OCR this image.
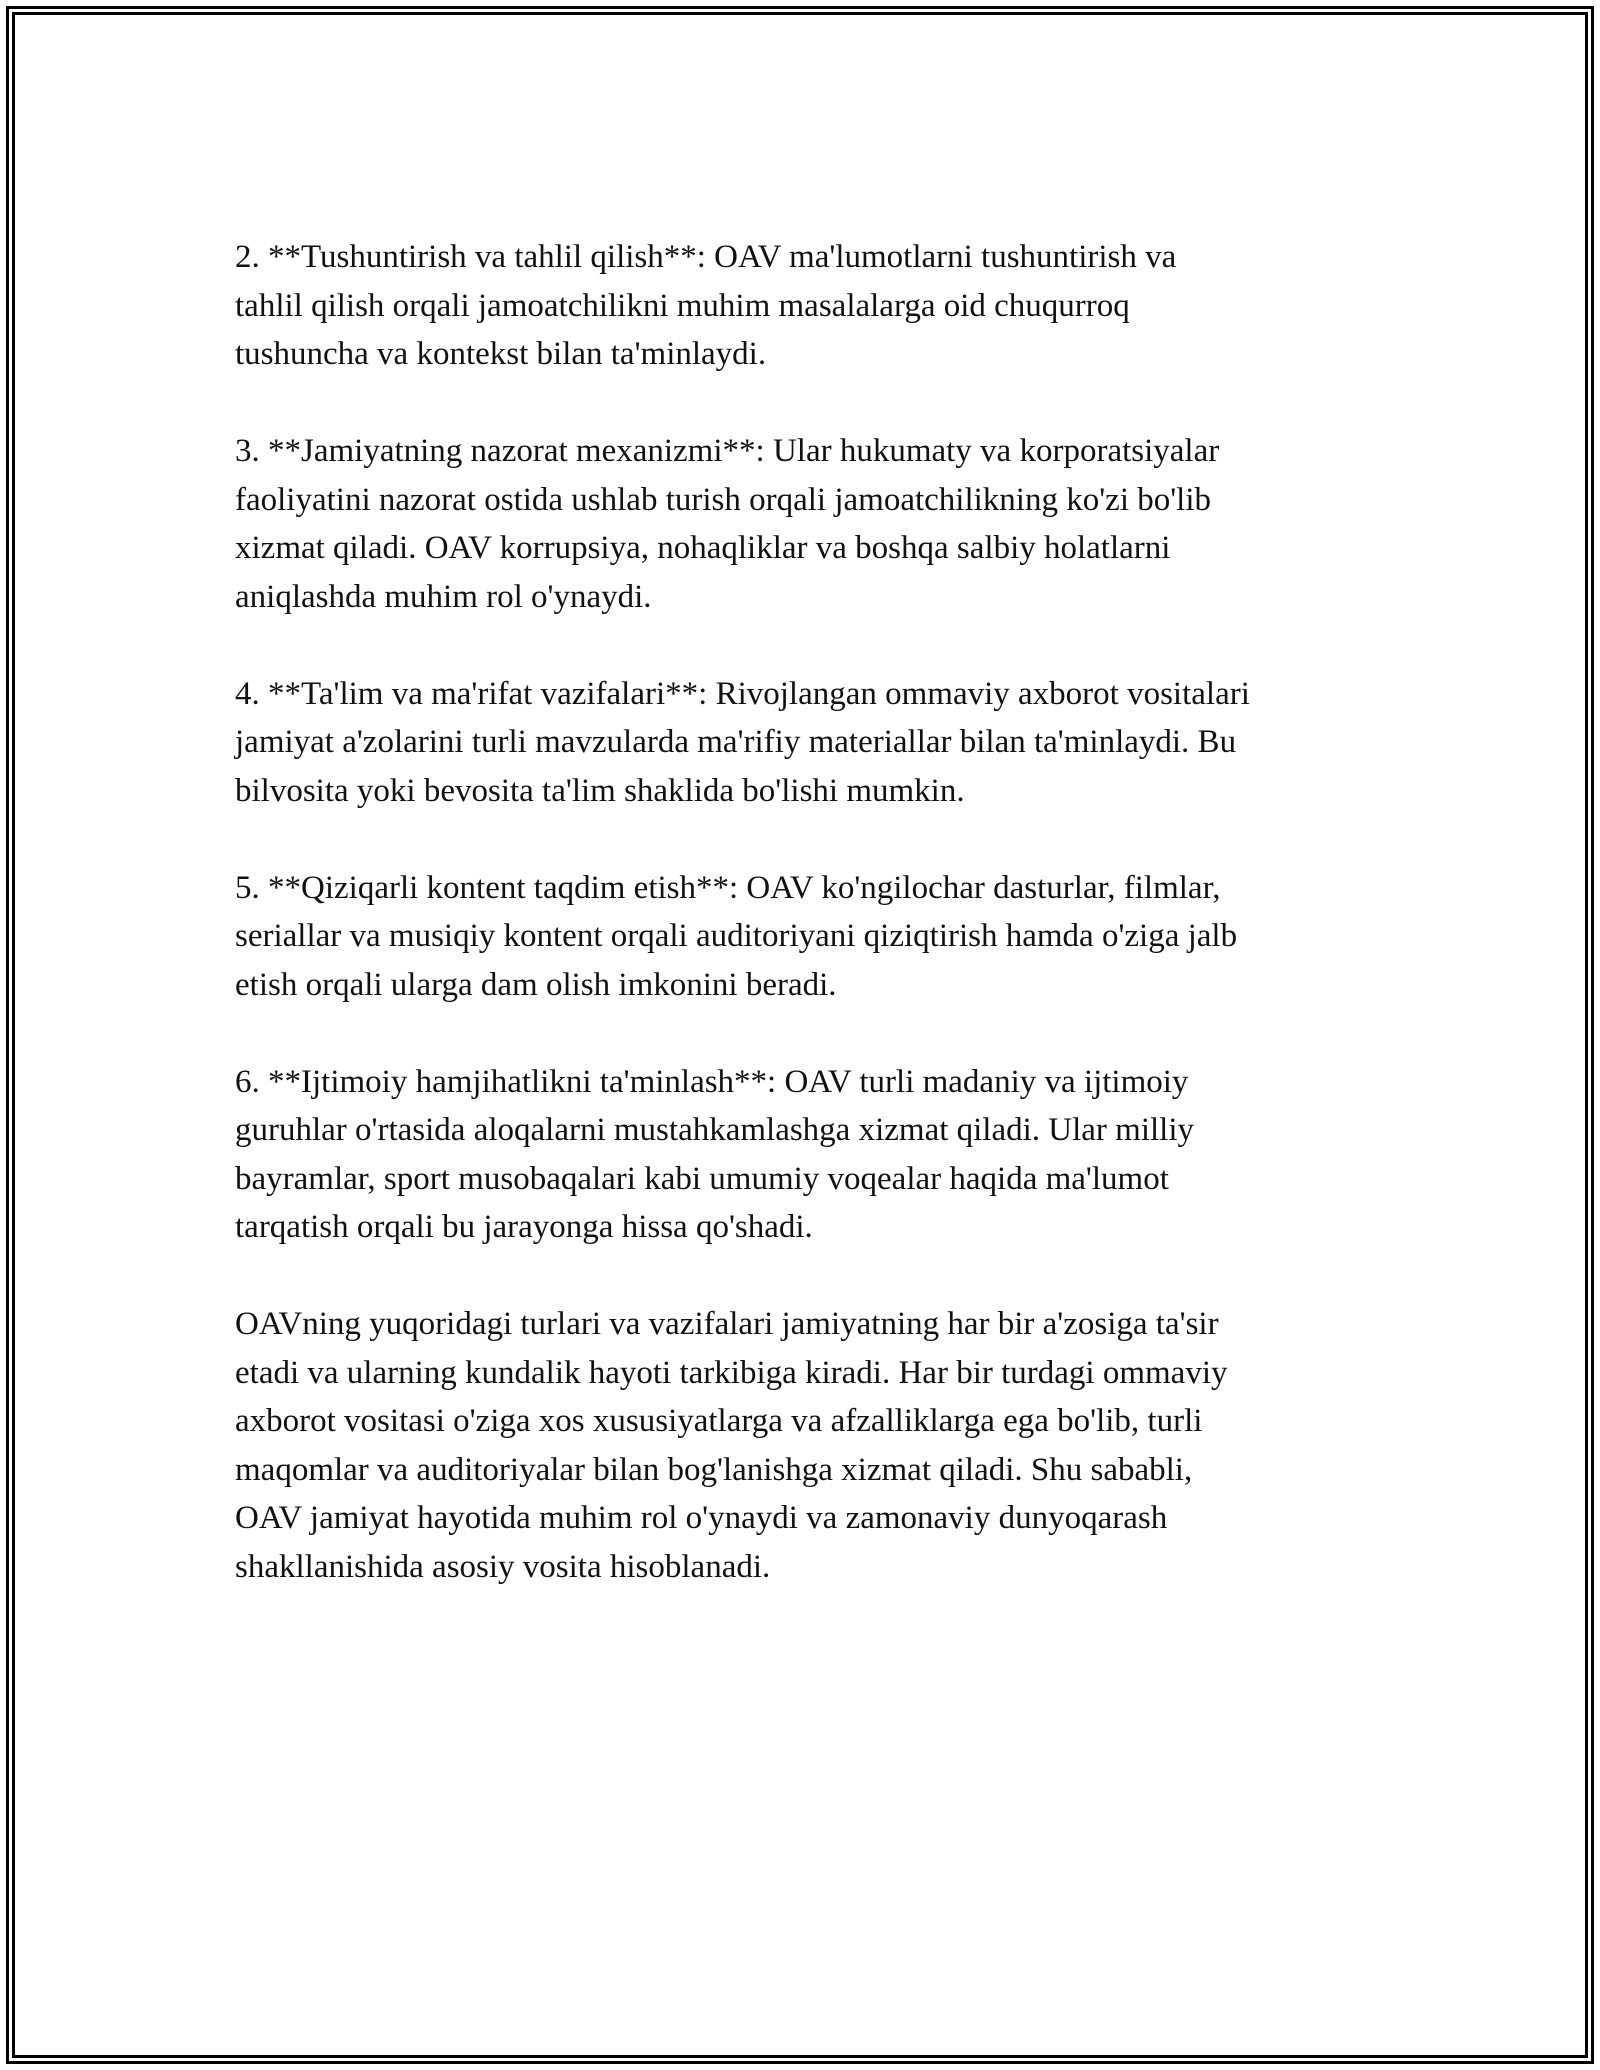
2. **Tushuntirish va tahlil qilish**: OAV ma'lumotlarni tushuntirish va
tahlil qilish orqali jamoatchilikni muhim masalalarga oid chuqurroq
tushuncha va kontekst bilan ta'minlaydi.

3. **Jamiyatning nazorat mexanizmi**: Ular hukumaty va korporatsiyalar
faoliyatini nazorat ostida ushlab turish orqali jamoatchilikning ko'zi bo'lib
xizmat qiladi. OAV korrupsiya, nohaqliklar va boshqa salbiy holatlarni
aniqlashda muhim rol o'ynaydi.

4. **Ta'lim va ma'rifat vazifalari**: Rivojlangan ommaviy axborot vositalari
jamiyat a'zolarini turli mavzularda ma'rifiy materiallar bilan ta'minlaydi. Bu
bilvosita yoki bevosita ta'lim shaklida bo'lishi mumkin.

5. **Qiziqarli kontent taqdim etish**: OAV ko'ngilochar dasturlar, filmlar,
seriallar va musiqiy kontent orqali auditoriyani qiziqtirish hamda o'ziga jalb
etish orqali ularga dam olish imkonini beradi.

6. **Ijtimoiy hamjihatlikni ta'minlash**: OAV turli madaniy va ijtimoiy
guruhlar o'rtasida aloqalarni mustahkamlashga xizmat qiladi. Ular milliy
bayramlar, sport musobaqalari kabi umumiy voqealar haqida ma'lumot
tarqatish orqali bu jarayonga hissa qo'shadi.

OAVning yuqoridagi turlari va vazifalari jamiyatning har bir a'zosiga ta'sir
etadi va ularning kundalik hayoti tarkibiga kiradi. Har bir turdagi ommaviy
axborot vositasi o'ziga xos xususiyatlarga va afzalliklarga ega bo'lib, turli
maqomlar va auditoriyalar bilan bog'lanishga xizmat qiladi. Shu sababli,
OAV jamiyat hayotida muhim rol o'ynaydi va zamonaviy dunyoqarash
shakllanishida asosiy vosita hisoblanadi.
